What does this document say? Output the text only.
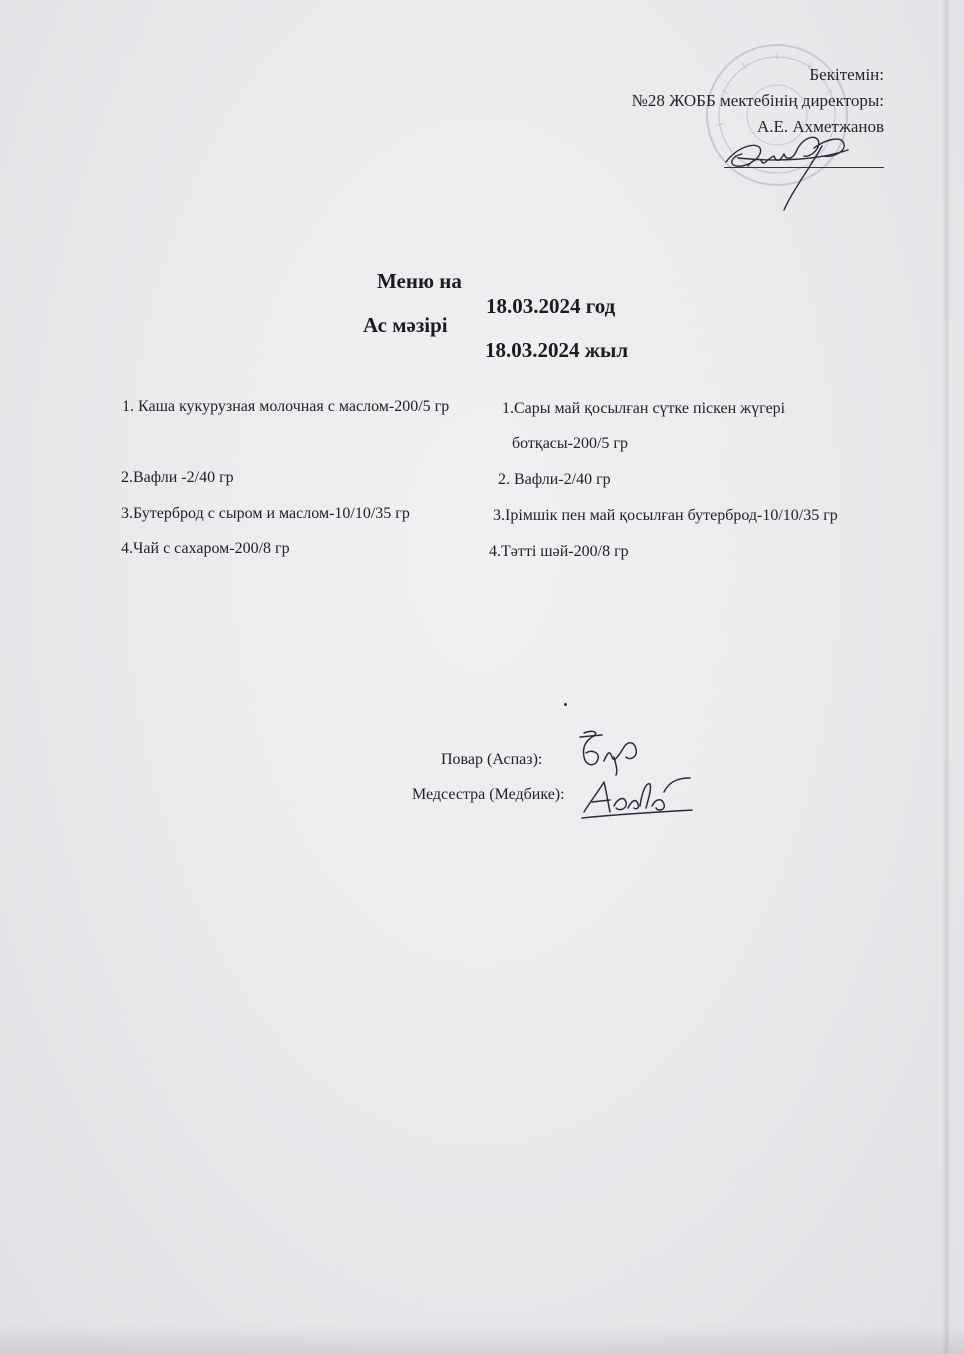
Бекітемін:
№28 ЖОББ мектебінің директоры:
А.Е. Ахметжанов

Меню на

18.03.2024 год

Ас мәзірі

18.03.2024 жыл

1. Каша кукурузная молочная с маслом-200/5 гр
2.Вафли -2/40 гр
3.Бутерброд с сыром и маслом-10/10/35 гр
4.Чай с сахаром-200/8 гр
1.Сары май қосылған сүтке піскен жүгері
ботқасы-200/5 гр
2. Вафли-2/40 гр
3.Ірімшік пен май қосылған бутерброд-10/10/35 гр
4.Тәтті шәй-200/8 гр
Повар (Аспаз):
Медсестра (Медбике):
